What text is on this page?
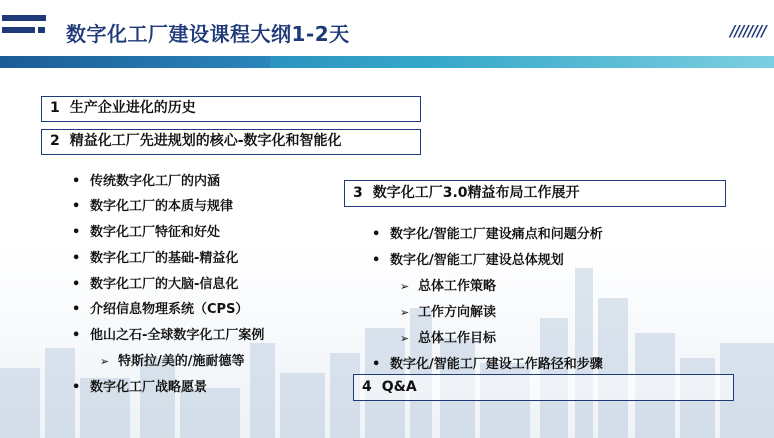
数字化工厂建设课程大纲1-2天	////////
1 生产企业进化的历史
2 精益化工厂先进规划的核心-数字化和智能化
• 传统数字化工厂的内涵
• 数字化工厂的本质与规律
• 数字化工厂特征和好处
• 数字化工厂的基础-精益化
• 数字化工厂的大脑-信息化
• 介绍信息物理系统（CPS）
• 他山之石-全球数字化工厂案例
➢ 特斯拉/美的/施耐德等
• 数字化工厂战略愿景
3 数字化工厂3.0精益布局工作展开
• 数字化/智能工厂建设痛点和问题分析
• 数字化/智能工厂建设总体规划
➢ 总体工作策略
➢ 工作方向解读
➢ 总体工作目标
• 数字化/智能工厂建设工作路径和步骤
4 Q&A
